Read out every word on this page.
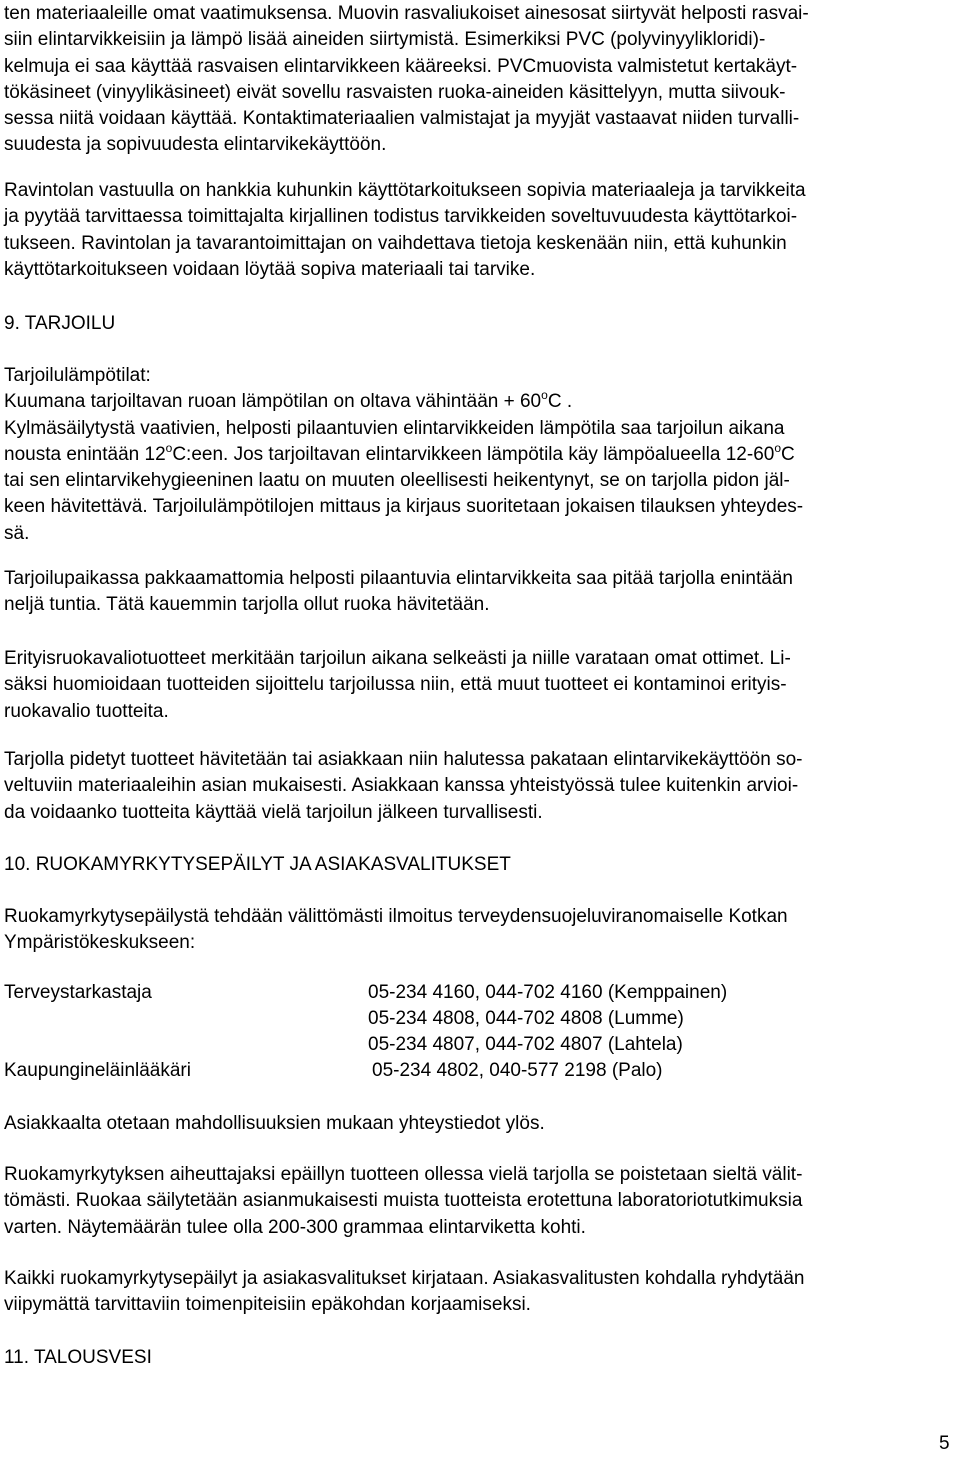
ten materiaaleille omat vaatimuksensa. Muovin rasvaliukoiset ainesosat siirtyvät helposti rasvai-
siin elintarvikkeisiin ja lämpö lisää aineiden siirtymistä. Esimerkiksi PVC (polyvinyylikloridi)-
kelmuja ei saa käyttää rasvaisen elintarvikkeen kääreeksi. PVCmuovista valmistetut kertakäyt-
tökäsineet (vinyylikäsineet) eivät sovellu rasvaisten ruoka-aineiden käsittelyyn, mutta siivouk-
sessa niitä voidaan käyttää. Kontaktimateriaalien valmistajat ja myyjät vastaavat niiden turvalli-
suudesta ja sopivuudesta elintarvikekäyttöön.

Ravintolan vastuulla on hankkia kuhunkin käyttötarkoitukseen sopivia materiaaleja ja tarvikkeita
ja pyytää tarvittaessa toimittajalta kirjallinen todistus tarvikkeiden soveltuvuudesta käyttötarkoi-
tukseen. Ravintolan ja tavarantoimittajan on vaihdettava tietoja keskenään niin, että kuhunkin
käyttötarkoitukseen voidaan löytää sopiva materiaali tai tarvike.

9. TARJOILU

Tarjoilulämpötilat:
Kuumana tarjoiltavan ruoan lämpötilan on oltava vähintään + $60^oC$ .
Kylmäsäilytystä vaativien, helposti pilaantuvien elintarvikkeiden lämpötila saa tarjoilun aikana
nousta enintään 12$^o$C:een. Jos tarjoiltavan elintarvikkeen lämpötila käy lämpöalueella 12-60$^o$C
tai sen elintarvikehygieeninen laatu on muuten oleellisesti heikentynyt, se on tarjolla pidon jäl-
keen hävitettävä. Tarjoilulämpötilojen mittaus ja kirjaus suoritetaan jokaisen tilauksen yhteydes-
sä.

Tarjoilupaikassa pakkaamattomia helposti pilaantuvia elintarvikkeita saa pitää tarjolla enintään
neljä tuntia. Tätä kauemmin tarjolla ollut ruoka hävitetään.

Erityisruokavaliotuotteet merkitään tarjoilun aikana selkeästi ja niille varataan omat ottimet. Li-
säksi huomioidaan tuotteiden sijoittelu tarjoilussa niin, että muut tuotteet ei kontaminoi erityis-
ruokavalio tuotteita.

Tarjolla pidetyt tuotteet hävitetään tai asiakkaan niin halutessa pakataan elintarvikekäyttöön so-
veltuviin materiaaleihin asian mukaisesti. Asiakkaan kanssa yhteistyössä tulee kuitenkin arvioi-
da voidaanko tuotteita käyttää vielä tarjoilun jälkeen turvallisesti.

10. RUOKAMYRKYTYSEPÄILYT JA ASIAKASVALITUKSET

Ruokamyrkytysepäilystä tehdään välittömästi ilmoitus terveydensuojeluviranomaiselle Kotkan
Ympäristökeskukseen:

Terveystarkastaja	05-234 4160, 044-702 4160 (Kemppainen)
05-234 4808, 044-702 4808 (Lumme)
05-234 4807, 044-702 4807 (Lahtela)
Kaupungineläinlääkäri	05-234 4802, 040-577 2198 (Palo)

Asiakkaalta otetaan mahdollisuuksien mukaan yhteystiedot ylös.

Ruokamyrkytyksen aiheuttajaksi epäillyn tuotteen ollessa vielä tarjolla se poistetaan sieltä välit-
tömästi. Ruokaa säilytetään asianmukaisesti muista tuotteista erotettuna laboratoriotutkimuksia
varten. Näytemäärän tulee olla 200-300 grammaa elintarviketta kohti.

Kaikki ruokamyrkytysepäilyt ja asiakasvalitukset kirjataan. Asiakasvalitusten kohdalla ryhdytään
viipymättä tarvittaviin toimenpiteisiin epäkohdan korjaamiseksi.

11. TALOUSVESI

5
